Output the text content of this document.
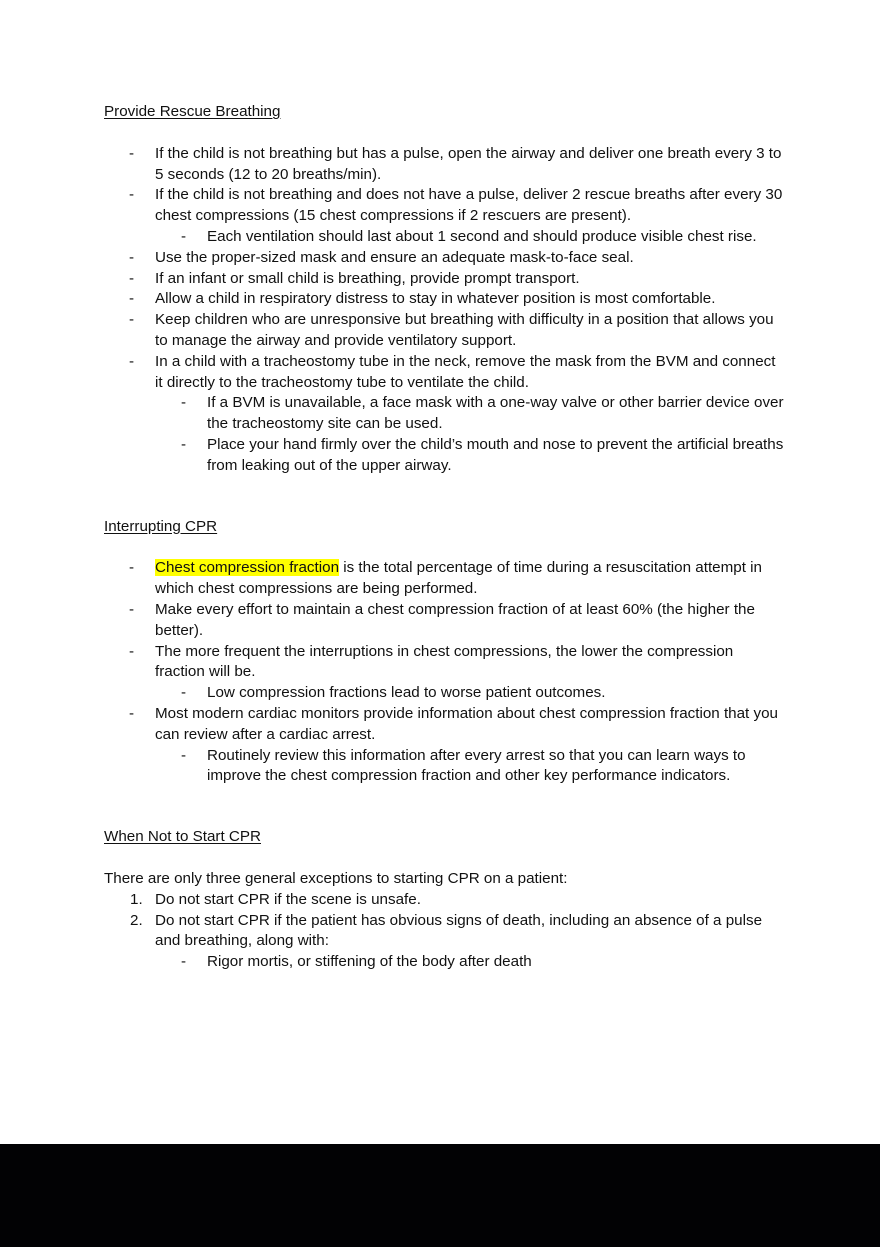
Provide Rescue Breathing
- If the child is not breathing but has a pulse, open the airway and deliver one breath every 3 to 5 seconds (12 to 20 breaths/min).
- If the child is not breathing and does not have a pulse, deliver 2 rescue breaths after every 30 chest compressions (15 chest compressions if 2 rescuers are present).
- Each ventilation should last about 1 second and should produce visible chest rise.
- Use the proper-sized mask and ensure an adequate mask-to-face seal.
- If an infant or small child is breathing, provide prompt transport.
- Allow a child in respiratory distress to stay in whatever position is most comfortable.
- Keep children who are unresponsive but breathing with difficulty in a position that allows you to manage the airway and provide ventilatory support.
- In a child with a tracheostomy tube in the neck, remove the mask from the BVM and connect it directly to the tracheostomy tube to ventilate the child.
- If a BVM is unavailable, a face mask with a one-way valve or other barrier device over the tracheostomy site can be used.
- Place your hand firmly over the child’s mouth and nose to prevent the artificial breaths from leaking out of the upper airway.
Interrupting CPR
- Chest compression fraction is the total percentage of time during a resuscitation attempt in which chest compressions are being performed.
- Make every effort to maintain a chest compression fraction of at least 60% (the higher the better).
- The more frequent the interruptions in chest compressions, the lower the compression fraction will be.
- Low compression fractions lead to worse patient outcomes.
- Most modern cardiac monitors provide information about chest compression fraction that you can review after a cardiac arrest.
- Routinely review this information after every arrest so that you can learn ways to improve the chest compression fraction and other key performance indicators.
When Not to Start CPR

There are only three general exceptions to starting CPR on a patient:

1. Do not start CPR if the scene is unsafe.
2. Do not start CPR if the patient has obvious signs of death, including an absence of a pulse and breathing, along with:
- Rigor mortis, or stiffening of the body after death
